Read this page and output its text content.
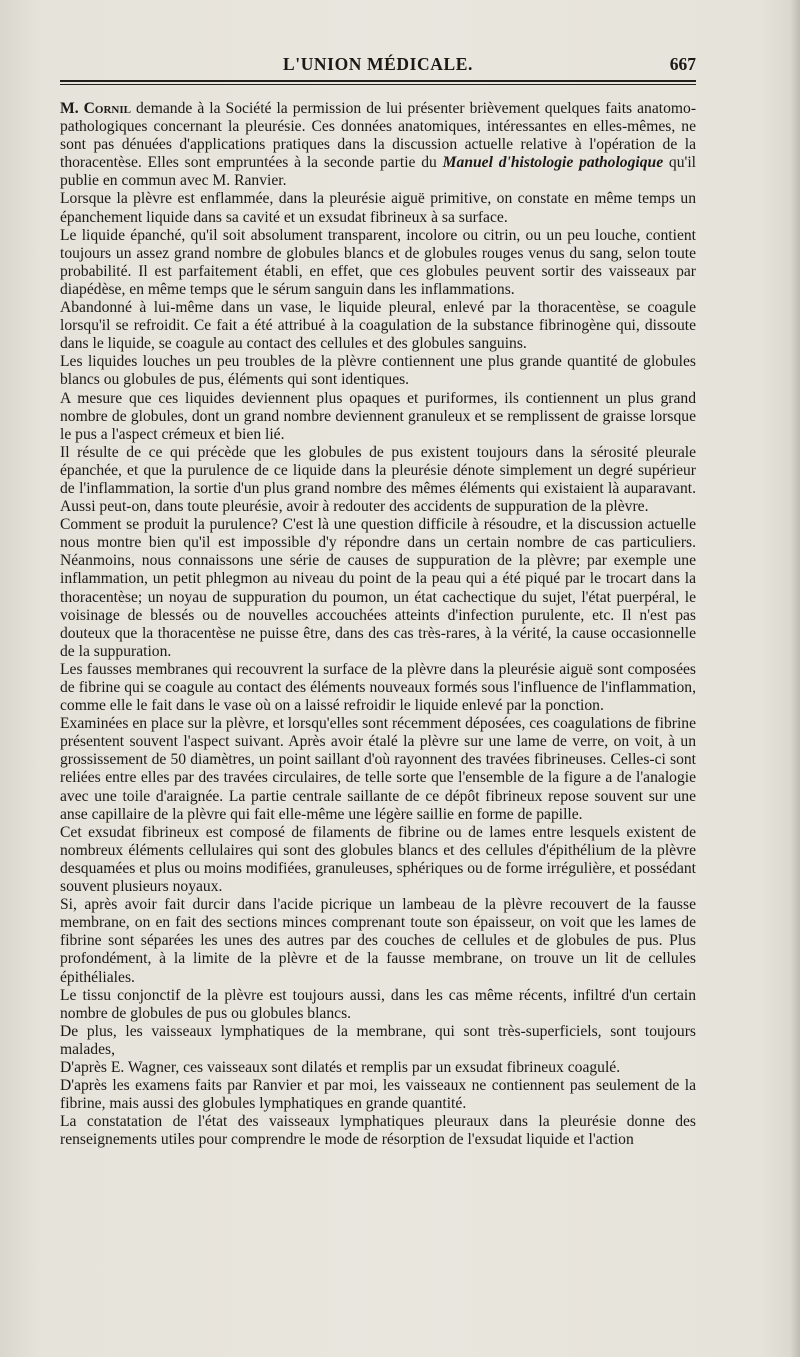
L'UNION MÉDICALE.	667

M. Cornil demande à la Société la permission de lui présenter brièvement quelques faits anatomo-pathologiques concernant la pleurésie. Ces données anatomiques, intéressantes en elles-mêmes, ne sont pas dénuées d'applications pratiques dans la discussion actuelle relative à l'opération de la thoracentèse. Elles sont empruntées à la seconde partie du Manuel d'histologie pathologique qu'il publie en commun avec M. Ranvier.

Lorsque la plèvre est enflammée, dans la pleurésie aiguë primitive, on constate en même temps un épanchement liquide dans sa cavité et un exsudat fibrineux à sa surface.

Le liquide épanché, qu'il soit absolument transparent, incolore ou citrin, ou un peu louche, contient toujours un assez grand nombre de globules blancs et de globules rouges venus du sang, selon toute probabilité. Il est parfaitement établi, en effet, que ces globules peuvent sortir des vaisseaux par diapédèse, en même temps que le sérum sanguin dans les inflammations.

Abandonné à lui-même dans un vase, le liquide pleural, enlevé par la thoracentèse, se coagule lorsqu'il se refroidit. Ce fait a été attribué à la coagulation de la substance fibrinogène qui, dissoute dans le liquide, se coagule au contact des cellules et des globules sanguins.

Les liquides louches un peu troubles de la plèvre contiennent une plus grande quantité de globules blancs ou globules de pus, éléments qui sont identiques.

A mesure que ces liquides deviennent plus opaques et puriformes, ils contiennent un plus grand nombre de globules, dont un grand nombre deviennent granuleux et se remplissent de graisse lorsque le pus a l'aspect crémeux et bien lié.

Il résulte de ce qui précède que les globules de pus existent toujours dans la sérosité pleurale épanchée, et que la purulence de ce liquide dans la pleurésie dénote simplement un degré supérieur de l'inflammation, la sortie d'un plus grand nombre des mêmes éléments qui existaient là auparavant. Aussi peut-on, dans toute pleurésie, avoir à redouter des accidents de suppuration de la plèvre.

Comment se produit la purulence? C'est là une question difficile à résoudre, et la discussion actuelle nous montre bien qu'il est impossible d'y répondre dans un certain nombre de cas particuliers. Néanmoins, nous connaissons une série de causes de suppuration de la plèvre; par exemple une inflammation, un petit phlegmon au niveau du point de la peau qui a été piqué par le trocart dans la thoracentèse; un noyau de suppuration du poumon, un état cachectique du sujet, l'état puerpéral, le voisinage de blessés ou de nouvelles accouchées atteints d'infection purulente, etc. Il n'est pas douteux que la thoracentèse ne puisse être, dans des cas très-rares, à la vérité, la cause occasionnelle de la suppuration.

Les fausses membranes qui recouvrent la surface de la plèvre dans la pleurésie aiguë sont composées de fibrine qui se coagule au contact des éléments nouveaux formés sous l'influence de l'inflammation, comme elle le fait dans le vase où on a laissé refroidir le liquide enlevé par la ponction.

Examinées en place sur la plèvre, et lorsqu'elles sont récemment déposées, ces coagulations de fibrine présentent souvent l'aspect suivant. Après avoir étalé la plèvre sur une lame de verre, on voit, à un grossissement de 50 diamètres, un point saillant d'où rayonnent des travées fibrineuses. Celles-ci sont reliées entre elles par des travées circulaires, de telle sorte que l'ensemble de la figure a de l'analogie avec une toile d'araignée. La partie centrale saillante de ce dépôt fibrineux repose souvent sur une anse capillaire de la plèvre qui fait elle-même une légère saillie en forme de papille.

Cet exsudat fibrineux est composé de filaments de fibrine ou de lames entre lesquels existent de nombreux éléments cellulaires qui sont des globules blancs et des cellules d'épithélium de la plèvre desquamées et plus ou moins modifiées, granuleuses, sphériques ou de forme irrégulière, et possédant souvent plusieurs noyaux.

Si, après avoir fait durcir dans l'acide picrique un lambeau de la plèvre recouvert de la fausse membrane, on en fait des sections minces comprenant toute son épaisseur, on voit que les lames de fibrine sont séparées les unes des autres par des couches de cellules et de globules de pus. Plus profondément, à la limite de la plèvre et de la fausse membrane, on trouve un lit de cellules épithéliales.

Le tissu conjonctif de la plèvre est toujours aussi, dans les cas même récents, infiltré d'un certain nombre de globules de pus ou globules blancs.

De plus, les vaisseaux lymphatiques de la membrane, qui sont très-superficiels, sont toujours malades,

D'après E. Wagner, ces vaisseaux sont dilatés et remplis par un exsudat fibrineux coagulé.

D'après les examens faits par Ranvier et par moi, les vaisseaux ne contiennent pas seulement de la fibrine, mais aussi des globules lymphatiques en grande quantité.

La constatation de l'état des vaisseaux lymphatiques pleuraux dans la pleurésie donne des renseignements utiles pour comprendre le mode de résorption de l'exsudat liquide et l'action
